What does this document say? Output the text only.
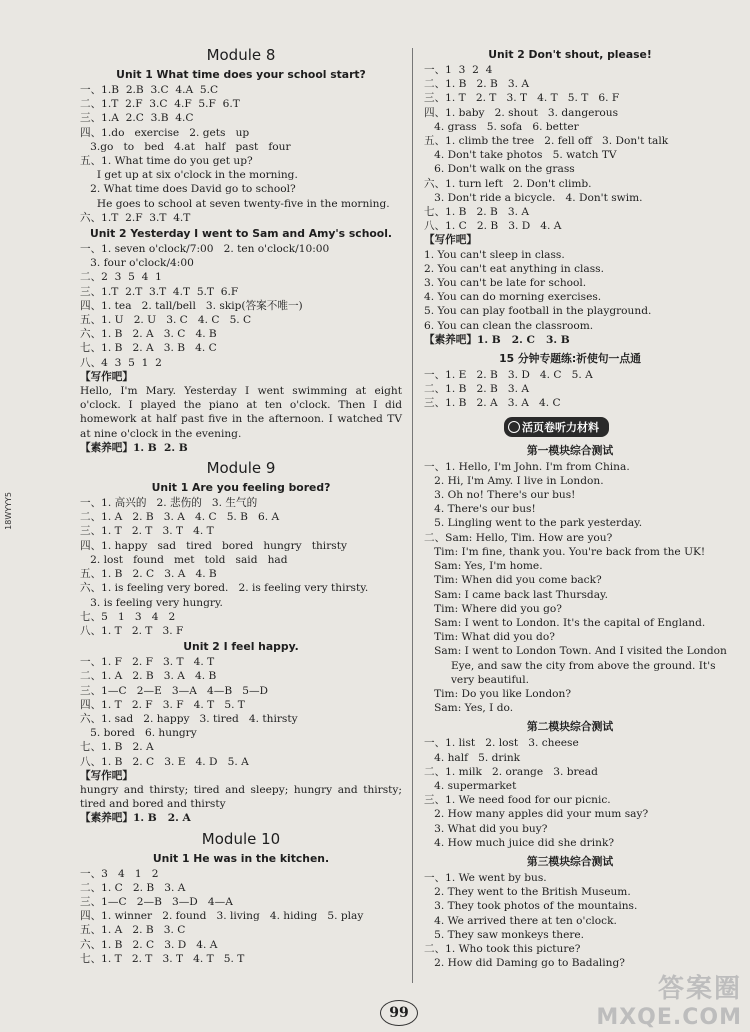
18WYYY5
Module 8
Unit 1 What time does your school start?
一、1.B  2.B  3.C  4.A  5.C
二、1.T  2.F  3.C  4.F  5.F  6.T
三、1.A  2.C  3.B  4.C
四、1.do   exercise   2. gets   up
3.go   to   bed   4.at   half   past   four
五、1. What time do you get up?
I get up at six o'clock in the morning.
2. What time does David go to school?
He goes to school at seven twenty-five in the morning.
六、1.T  2.F  3.T  4.T
Unit 2 Yesterday I went to Sam and Amy's school.
一、1. seven o'clock/7:00   2. ten o'clock/10:00
3. four o'clock/4:00
二、2  3  5  4  1
三、1.T  2.T  3.T  4.T  5.T  6.F
四、1. tea   2. tall/bell   3. skip(答案不唯一)
五、1. U   2. U   3. C   4. C   5. C
六、1. B   2. A   3. C   4. B
七、1. B   2. A   3. B   4. C
八、4  3  5  1  2
【写作吧】
Hello, I'm Mary. Yesterday I went swimming at eight o'clock. I played the piano at ten o'clock. Then I did homework at half past five in the afternoon. I watched TV at nine o'clock in the evening.
【素养吧】1. B  2. B
Module 9
Unit 1 Are you feeling bored?
一、1. 高兴的   2. 悲伤的   3. 生气的
二、1. A   2. B   3. A   4. C   5. B   6. A
三、1. T   2. T   3. T   4. T
四、1. happy   sad   tired   bored   hungry   thirsty
2. lost   found   met   told   said   had
五、1. B   2. C   3. A   4. B
六、1. is feeling very bored.   2. is feeling very thirsty.
3. is feeling very hungry.
七、5   1   3   4   2
八、1. T   2. T   3. F
Unit 2 I feel happy.
一、1. F   2. F   3. T   4. T
二、1. A   2. B   3. A   4. B
三、1—C   2—E   3—A   4—B   5—D
四、1. T   2. F   3. F   4. T   5. T
六、1. sad   2. happy   3. tired   4. thirsty
5. bored   6. hungry
七、1. B   2. A
八、1. B   2. C   3. E   4. D   5. A
【写作吧】
hungry and thirsty; tired and sleepy; hungry and thirsty; tired and bored and thirsty
【素养吧】1. B   2. A
Module 10
Unit 1 He was in the kitchen.
一、3   4   1   2
二、1. C   2. B   3. A
三、1—C   2—B   3—D   4—A
四、1. winner   2. found   3. living   4. hiding   5. play
五、1. A   2. B   3. C
六、1. B   2. C   3. D   4. A
七、1. T   2. T   3. T   4. T   5. T
Unit 2 Don't shout, please!
一、1  3  2  4
二、1. B   2. B   3. A
三、1. T   2. T   3. T   4. T   5. T   6. F
四、1. baby   2. shout   3. dangerous
4. grass   5. sofa   6. better
五、1. climb the tree   2. fell off   3. Don't talk
4. Don't take photos   5. watch TV
6. Don't walk on the grass
六、1. turn left   2. Don't climb.
3. Don't ride a bicycle.   4. Don't swim.
七、1. B   2. B   3. A
八、1. C   2. B   3. D   4. A
【写作吧】
1. You can't sleep in class.
2. You can't eat anything in class.
3. You can't be late for school.
4. You can do morning exercises.
5. You can play football in the playground.
6. You can clean the classroom.
【素养吧】1. B   2. C   3. B
15 分钟专题练:祈使句一点通
一、1. E   2. B   3. D   4. C   5. A
二、1. B   2. B   3. A
三、1. B   2. A   3. A   4. C
活页卷听力材料
第一模块综合测试
一、1. Hello, I'm John. I'm from China.
2. Hi, I'm Amy. I live in London.
3. Oh no! There's our bus!
4. There's our bus!
5. Lingling went to the park yesterday.
二、Sam: Hello, Tim. How are you?
Tim: I'm fine, thank you. You're back from the UK!
Sam: Yes, I'm home.
Tim: When did you come back?
Sam: I came back last Thursday.
Tim: Where did you go?
Sam: I went to London. It's the capital of England.
Tim: What did you do?
Sam: I went to London Town. And I visited the London
Eye, and saw the city from above the ground. It's
very beautiful.
Tim: Do you like London?
Sam: Yes, I do.
第二模块综合测试
一、1. list   2. lost   3. cheese
4. half   5. drink
二、1. milk   2. orange   3. bread
4. supermarket
三、1. We need food for our picnic.
2. How many apples did your mum say?
3. What did you buy?
4. How much juice did she drink?
第三模块综合测试
一、1. We went by bus.
2. They went to the British Museum.
3. They took photos of the mountains.
4. We arrived there at ten o'clock.
5. They saw monkeys there.
二、1. Who took this picture?
2. How did Daming go to Badaling?
99
答案圈
MXQE.COM
